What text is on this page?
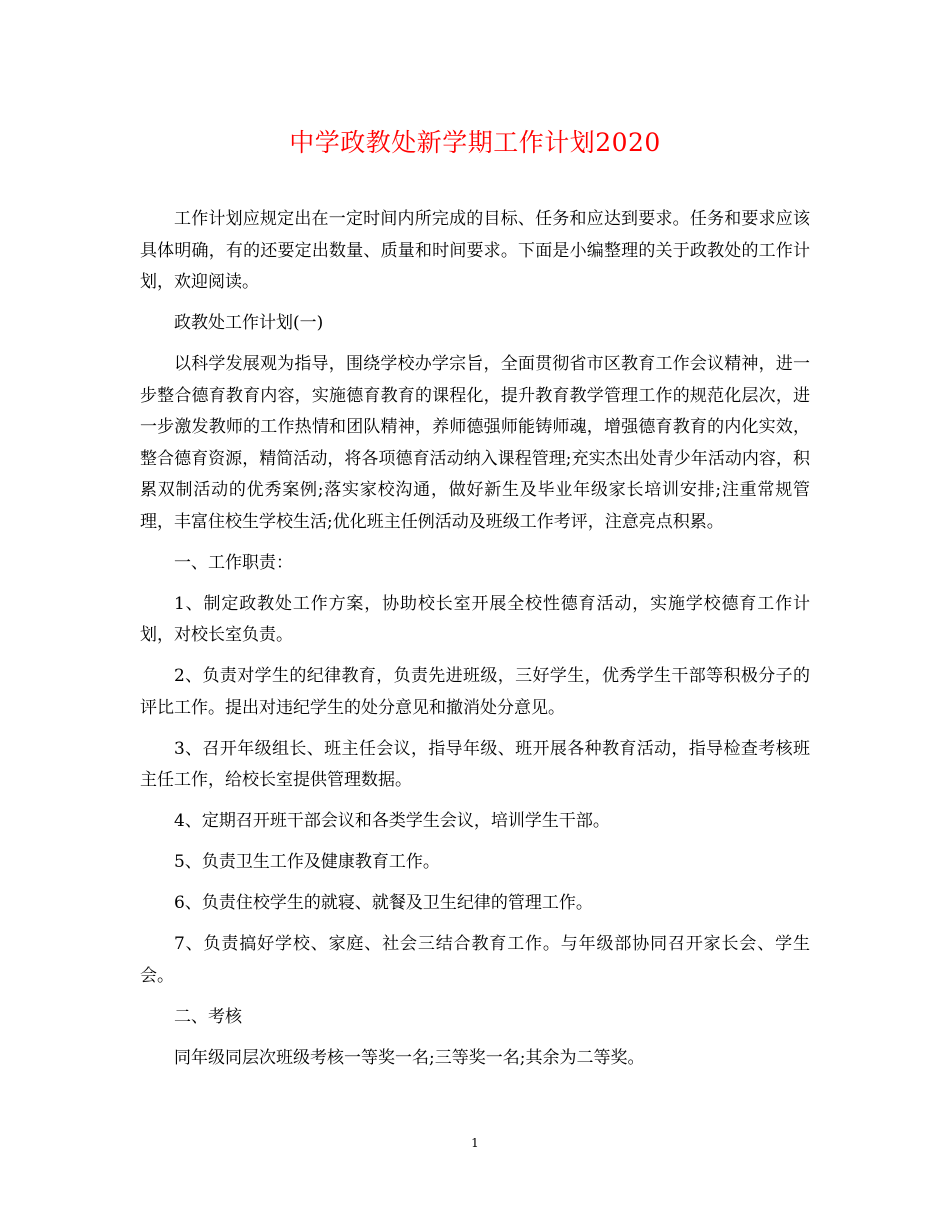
中学政教处新学期工作计划2020

工作计划应规定出在一定时间内所完成的目标、任务和应达到要求。任务和要求应该具体明确，有的还要定出数量、质量和时间要求。下面是小编整理的关于政教处的工作计划，欢迎阅读。

政教处工作计划(一)

以科学发展观为指导，围绕学校办学宗旨，全面贯彻省市区教育工作会议精神，进一步整合德育教育内容，实施德育教育的课程化，提升教育教学管理工作的规范化层次，进一步激发教师的工作热情和团队精神，养师德强师能铸师魂，增强德育教育的内化实效，整合德育资源，精简活动，将各项德育活动纳入课程管理;充实杰出处青少年活动内容，积累双制活动的优秀案例;落实家校沟通，做好新生及毕业年级家长培训安排;注重常规管理，丰富住校生学校生活;优化班主任例活动及班级工作考评，注意亮点积累。

一、工作职责：

1、制定政教处工作方案，协助校长室开展全校性德育活动，实施学校德育工作计划，对校长室负责。

2、负责对学生的纪律教育，负责先进班级，三好学生，优秀学生干部等积极分子的评比工作。提出对违纪学生的处分意见和撤消处分意见。

3、召开年级组长、班主任会议，指导年级、班开展各种教育活动，指导检查考核班主任工作，给校长室提供管理数据。

4、定期召开班干部会议和各类学生会议，培训学生干部。

5、负责卫生工作及健康教育工作。

6、负责住校学生的就寝、就餐及卫生纪律的管理工作。

7、负责搞好学校、家庭、社会三结合教育工作。与年级部协同召开家长会、学生会。

二、考核

同年级同层次班级考核一等奖一名;三等奖一名;其余为二等奖。

1
